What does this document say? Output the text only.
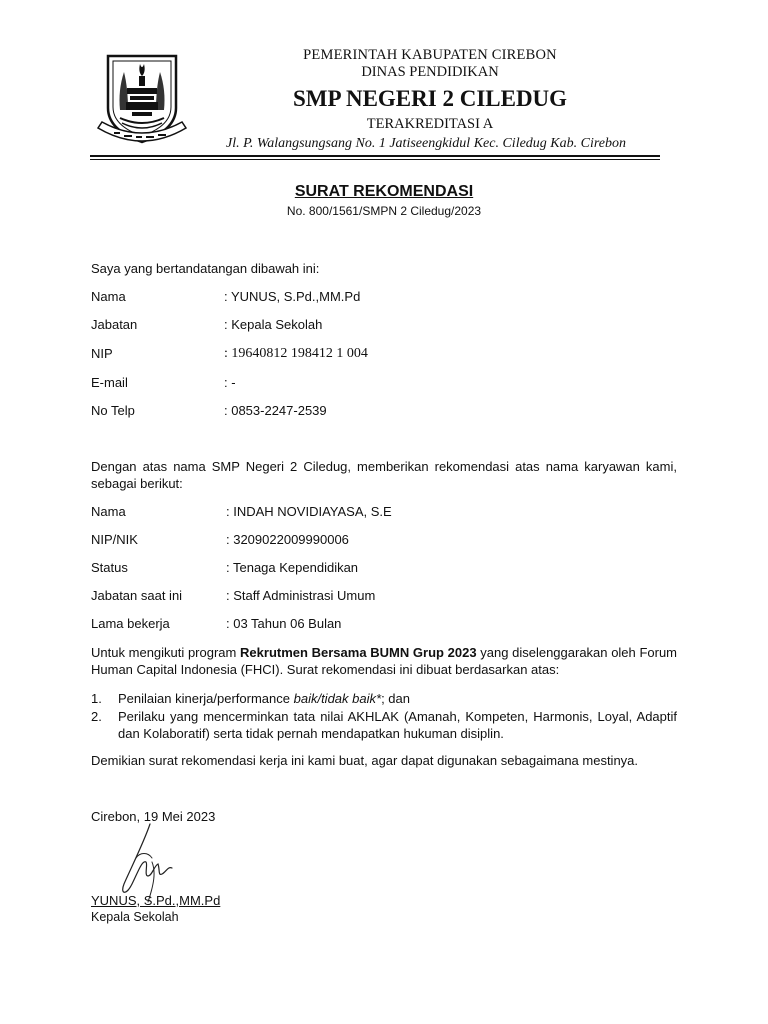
PEMERINTAH KABUPATEN CIREBON
DINAS PENDIDIKAN
SMP NEGERI 2 CILEDUG
TERAKREDITASI A
Jl. P. Walangsungsang No. 1 Jatiseengkidul Kec. Ciledug Kab. Cirebon
SURAT REKOMENDASI
No. 800/1561/SMPN 2 Ciledug/2023
Saya yang bertandatangan dibawah ini:
Nama	: YUNUS, S.Pd.,MM.Pd
Jabatan	: Kepala Sekolah
NIP	: 19640812 198412 1 004
E-mail	: -
No Telp	: 0853-2247-2539
Dengan atas nama SMP Negeri 2 Ciledug, memberikan rekomendasi atas nama karyawan kami, sebagai berikut:
Nama	: INDAH NOVIDIAYASA, S.E
NIP/NIK	: 3209022009990006
Status	: Tenaga Kependidikan
Jabatan saat ini	: Staff Administrasi Umum
Lama bekerja	: 03 Tahun 06 Bulan
Untuk mengikuti program Rekrutmen Bersama BUMN Grup 2023 yang diselenggarakan oleh Forum Human Capital Indonesia (FHCI). Surat rekomendasi ini dibuat berdasarkan atas:
1. Penilaian kinerja/performance baik/tidak baik*; dan
2. Perilaku yang mencerminkan tata nilai AKHLAK (Amanah, Kompeten, Harmonis, Loyal, Adaptif dan Kolaboratif) serta tidak pernah mendapatkan hukuman disiplin.
Demikian surat rekomendasi kerja ini kami buat, agar dapat digunakan sebagaimana mestinya.
Cirebon, 19 Mei 2023
YUNUS, S.Pd.,MM.Pd
Kepala Sekolah
